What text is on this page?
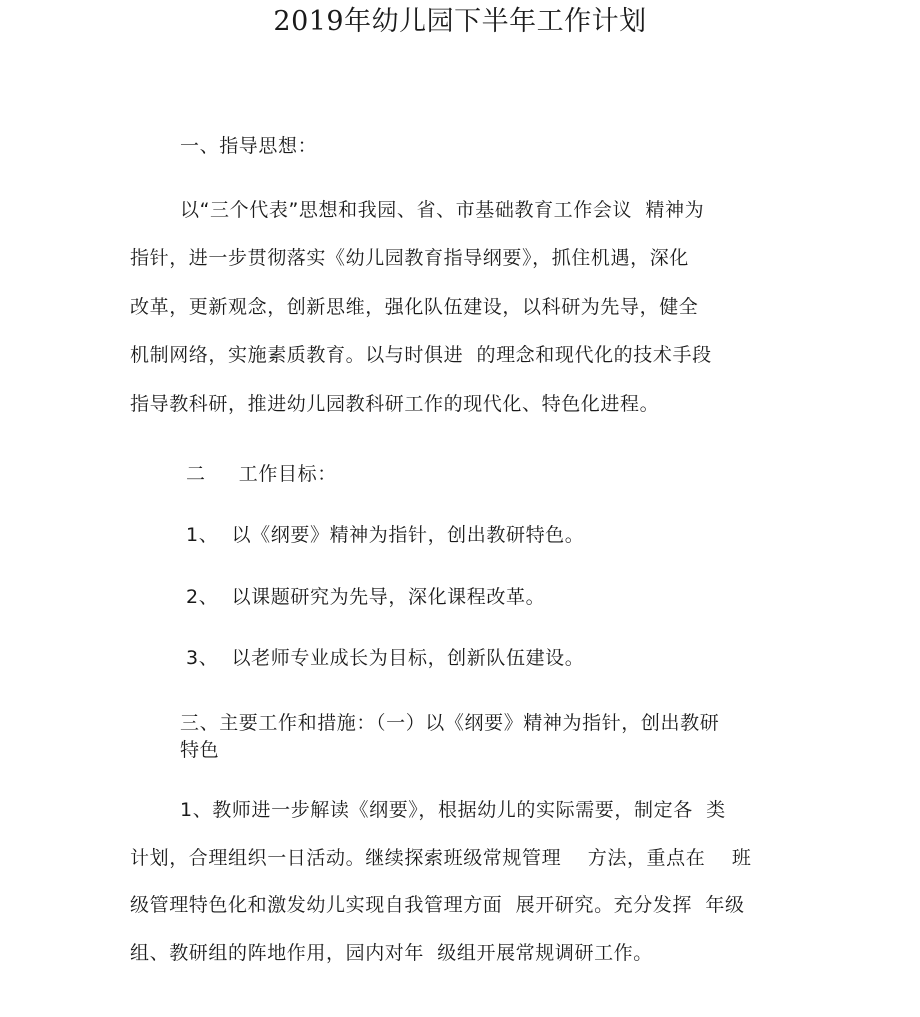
2019年幼儿园下半年工作计划
一、指导思想：
以“三个代表”思想和我园、省、市基础教育工作会议  精神为
指针，进一步贯彻落实《幼儿园教育指导纲要》，抓住机遇，深化
改革，更新观念，创新思维，强化队伍建设，以科研为先导，健全
机制网络，实施素质教育。以与时俱进  的理念和现代化的技术手段
指导教科研，推进幼儿园教科研工作的现代化、特色化进程。
二     工作目标：
1、  以《纲要》精神为指针，创出教研特色。
2、  以课题研究为先导，深化课程改革。
3、  以老师专业成长为目标，创新队伍建设。
三、主要工作和措施：（一）以《纲要》精神为指针，创出教研
特色
1、教师进一步解读《纲要》，根据幼儿的实际需要，制定各  类
计划，合理组织一日活动。继续探索班级常规管理    方法，重点在    班
级管理特色化和激发幼儿实现自我管理方面  展开研究。充分发挥  年级
组、教研组的阵地作用，园内对年  级组开展常规调研工作。
